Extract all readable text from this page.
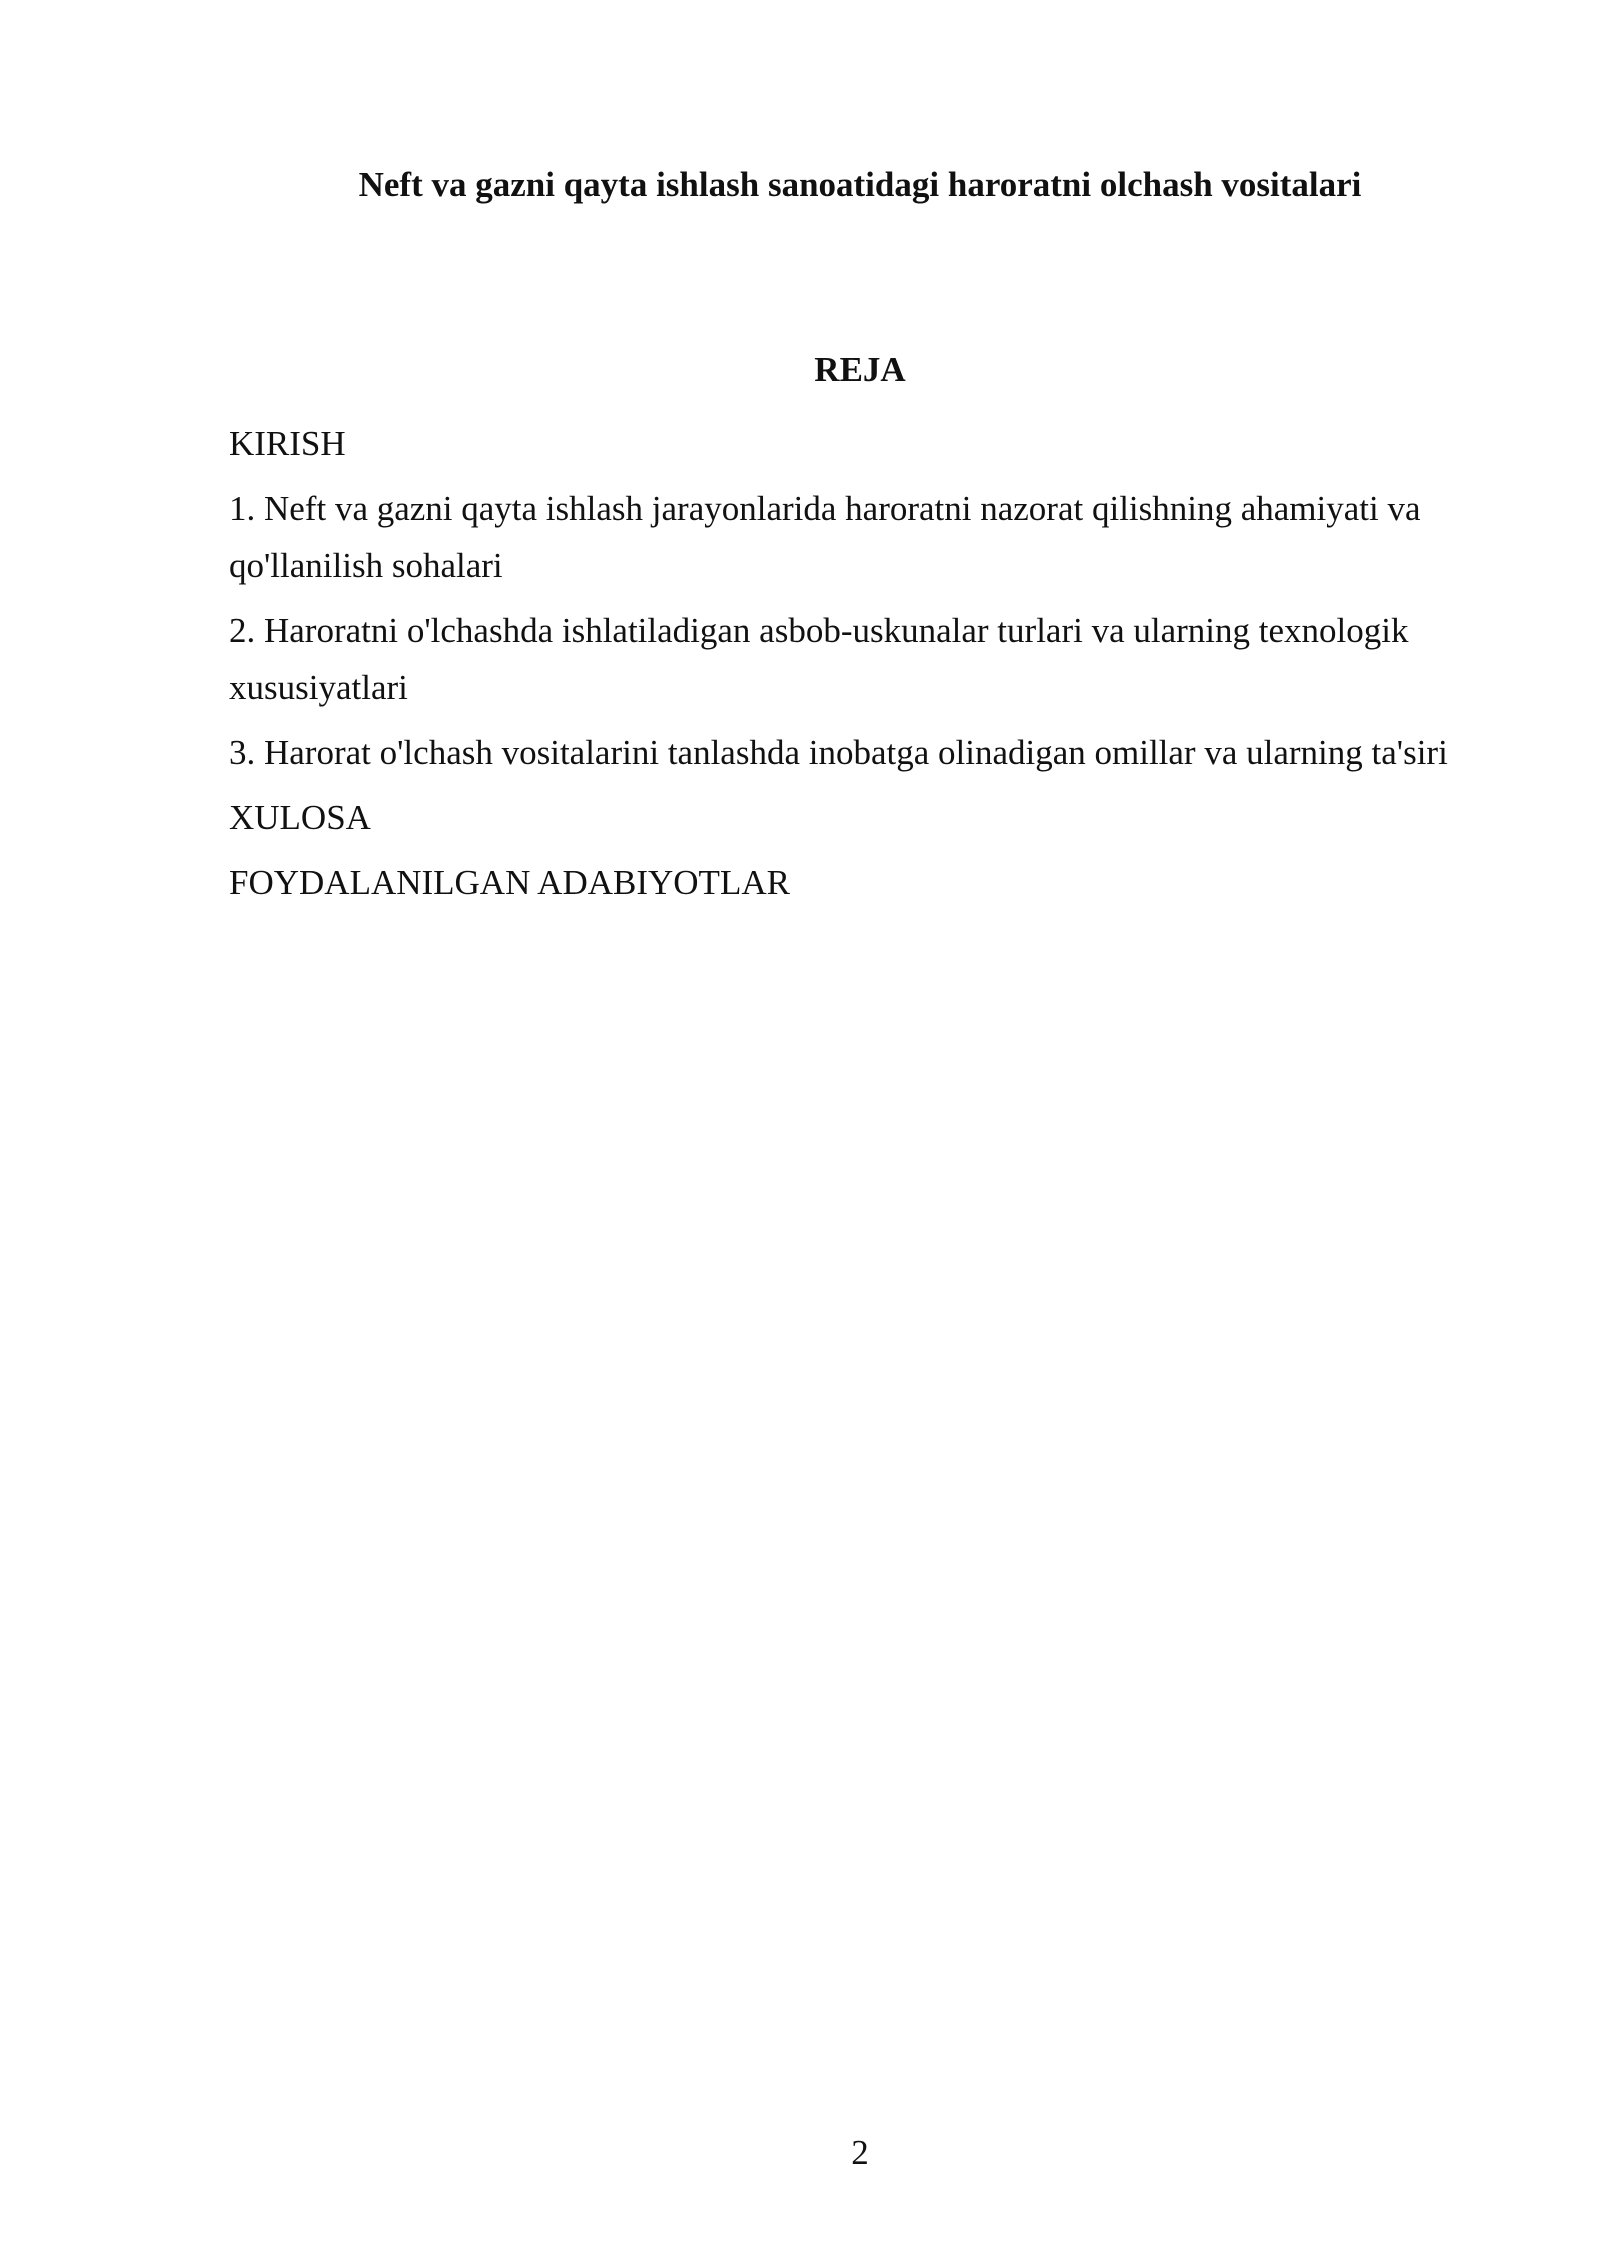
Neft va gazni qayta ishlash sanoatidagi haroratni olchash vositalari
REJA
KIRISH
1. Neft va gazni qayta ishlash jarayonlarida haroratni nazorat qilishning ahamiyati va qo'llanilish sohalari
2. Haroratni o'lchashda ishlatiladigan asbob-uskunalar turlari va ularning texnologik xususiyatlari
3. Harorat o'lchash vositalarini tanlashda inobatga olinadigan omillar va ularning ta'siri
XULOSA
FOYDALANILGAN ADABIYOTLAR
2
